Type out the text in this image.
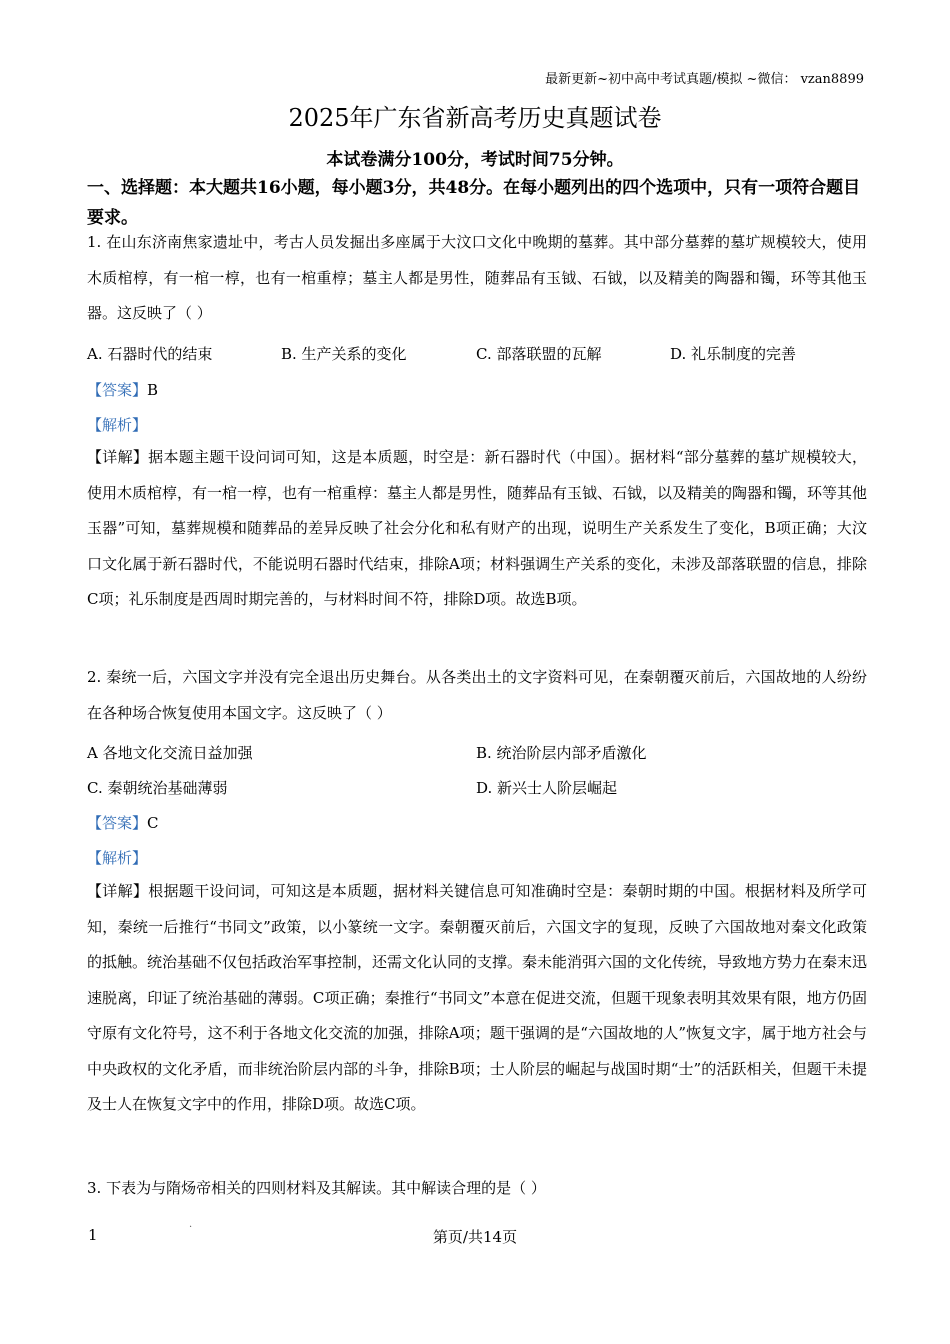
最新更新~初中高中考试真题/模拟 ~微信： vzan8899
2025年广东省新高考历史真题试卷
本试卷满分100分，考试时间75分钟。
一、选择题：本大题共16小题，每小题3分，共48分。在每小题列出的四个选项中，只有一项符合题目要求。
1. 在山东济南焦家遗址中，考古人员发掘出多座属于大汶口文化中晚期的墓葬。其中部分墓葬的墓圹规模较大，使用木质棺椁，有一棺一椁，也有一棺重椁；墓主人都是男性，随葬品有玉钺、石钺，以及精美的陶器和镯，环等其他玉器。这反映了（ ）
A. 石器时代的结束	B. 生产关系的变化	C. 部落联盟的瓦解	D. 礼乐制度的完善
【答案】B
【解析】
【详解】据本题主题干设问词可知，这是本质题，时空是：新石器时代（中国）。据材料“部分墓葬的墓圹规模较大，使用木质棺椁，有一棺一椁，也有一棺重椁：墓主人都是男性，随葬品有玉钺、石钺，以及精美的陶器和镯，环等其他玉器”可知，墓葬规模和随葬品的差异反映了社会分化和私有财产的出现，说明生产关系发生了变化，B项正确；大汶口文化属于新石器时代，不能说明石器时代结束，排除A项；材料强调生产关系的变化，未涉及部落联盟的信息，排除C项；礼乐制度是西周时期完善的，与材料时间不符，排除D项。故选B项。
2. 秦统一后，六国文字并没有完全退出历史舞台。从各类出土的文字资料可见，在秦朝覆灭前后，六国故地的人纷纷在各种场合恢复使用本国文字。这反映了（ ）
A 各地文化交流日益加强	B. 统治阶层内部矛盾激化
C. 秦朝统治基础薄弱	D. 新兴士人阶层崛起
【答案】C
【解析】
【详解】根据题干设问词，可知这是本质题，据材料关键信息可知准确时空是：秦朝时期的中国。根据材料及所学可知，秦统一后推行“书同文”政策，以小篆统一文字。秦朝覆灭前后，六国文字的复现，反映了六国故地对秦文化政策的抵触。统治基础不仅包括政治军事控制，还需文化认同的支撑。秦未能消弭六国的文化传统，导致地方势力在秦末迅速脱离，印证了统治基础的薄弱。C项正确；秦推行“书同文”本意在促进交流，但题干现象表明其效果有限，地方仍固守原有文化符号，这不利于各地文化交流的加强，排除A项；题干强调的是“六国故地的人”恢复文字，属于地方社会与中央政权的文化矛盾，而非统治阶层内部的斗争，排除B项；士人阶层的崛起与战国时期“士”的活跃相关，但题干未提及士人在恢复文字中的作用，排除D项。故选C项。
3. 下表为与隋炀帝相关的四则材料及其解读。其中解读合理的是（ ）
1	·
第页/共14页
